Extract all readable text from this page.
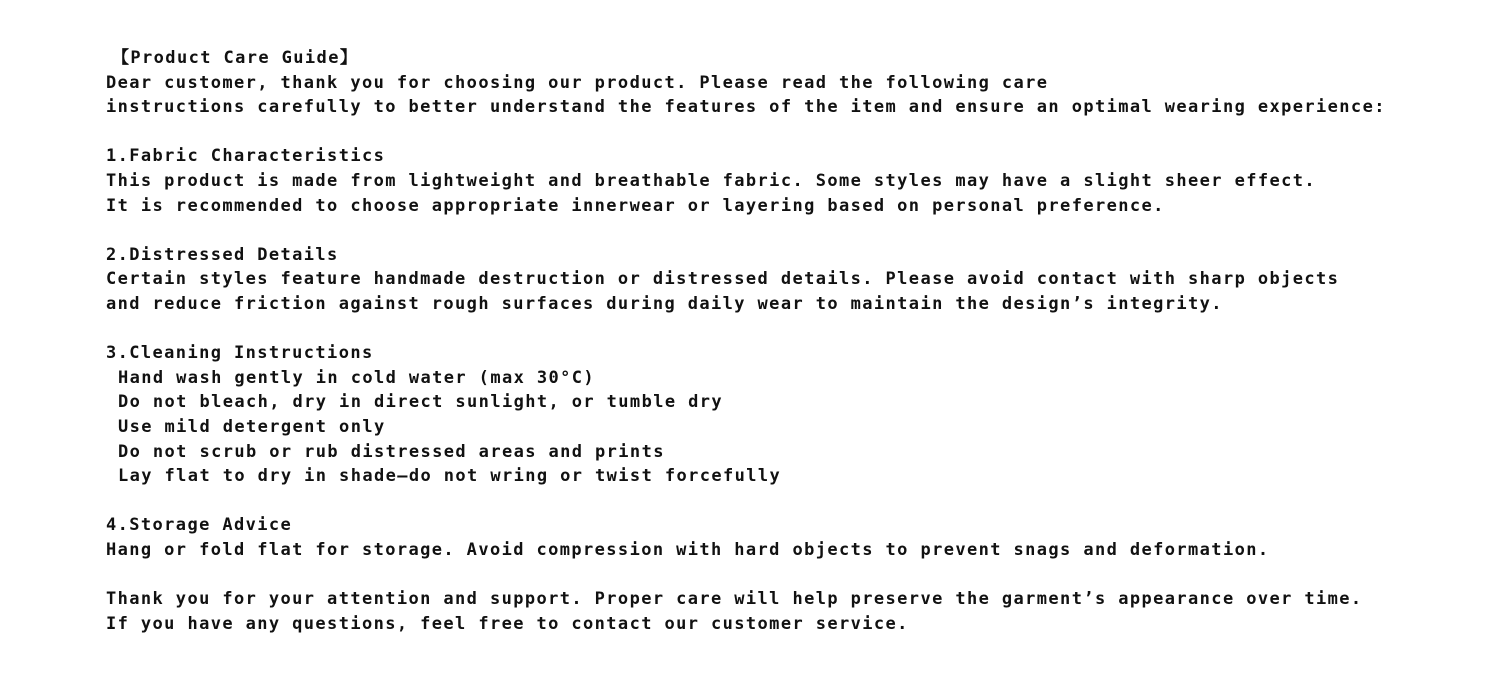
【Product Care Guide】
Dear customer, thank you for choosing our product. Please read the following care
instructions carefully to better understand the features of the item and ensure an optimal wearing experience:
1.Fabric Characteristics
This product is made from lightweight and breathable fabric. Some styles may have a slight sheer effect.
It is recommended to choose appropriate innerwear or layering based on personal preference.
2.Distressed Details
Certain styles feature handmade destruction or distressed details. Please avoid contact with sharp objects
and reduce friction against rough surfaces during daily wear to maintain the design’s integrity.
3.Cleaning Instructions
Hand wash gently in cold water (max 30°C)
Do not bleach, dry in direct sunlight, or tumble dry
Use mild detergent only
Do not scrub or rub distressed areas and prints
Lay flat to dry in shade—do not wring or twist forcefully
4.Storage Advice
Hang or fold flat for storage. Avoid compression with hard objects to prevent snags and deformation.
Thank you for your attention and support. Proper care will help preserve the garment’s appearance over time.
If you have any questions, feel free to contact our customer service.
